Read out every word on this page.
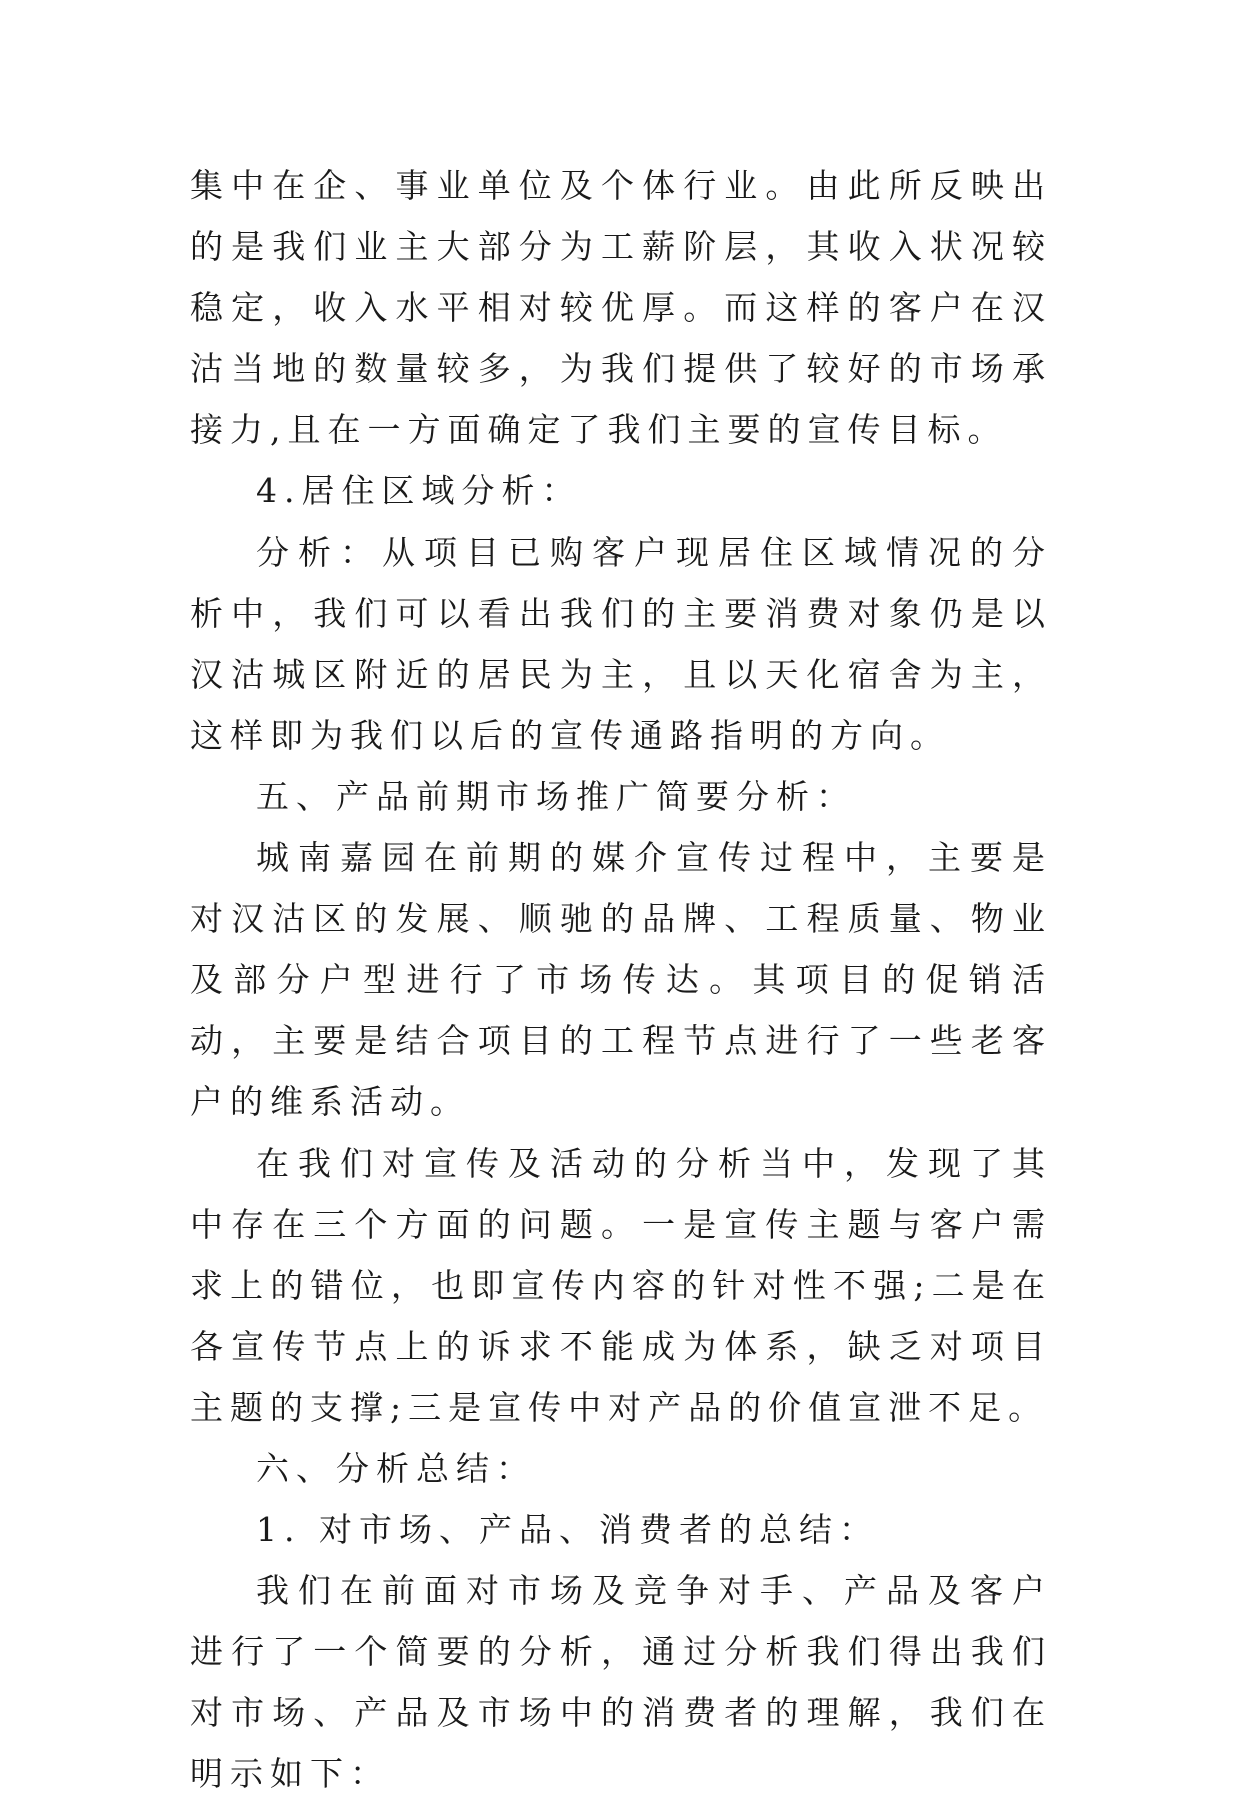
集中在企、事业单位及个体行业。由此所反映出的是我们业主大部分为工薪阶层，其收入状况较稳定，收入水平相对较优厚。而这样的客户在汉沽当地的数量较多，为我们提供了较好的市场承接力,且在一方面确定了我们主要的宣传目标。

4.居住区域分析：

分析：从项目已购客户现居住区域情况的分析中，我们可以看出我们的主要消费对象仍是以汉沽城区附近的居民为主，且以天化宿舍为主，这样即为我们以后的宣传通路指明的方向。

五、产品前期市场推广简要分析：

城南嘉园在前期的媒介宣传过程中，主要是对汉沽区的发展、顺驰的品牌、工程质量、物业及部分户型进行了市场传达。其项目的促销活动，主要是结合项目的工程节点进行了一些老客户的维系活动。

在我们对宣传及活动的分析当中，发现了其中存在三个方面的问题。一是宣传主题与客户需求上的错位，也即宣传内容的针对性不强;二是在各宣传节点上的诉求不能成为体系，缺乏对项目主题的支撑;三是宣传中对产品的价值宣泄不足。

六、分析总结：

1. 对市场、产品、消费者的总结：

我们在前面对市场及竞争对手、产品及客户进行了一个简要的分析，通过分析我们得出我们对市场、产品及市场中的消费者的理解，我们在明示如下：
